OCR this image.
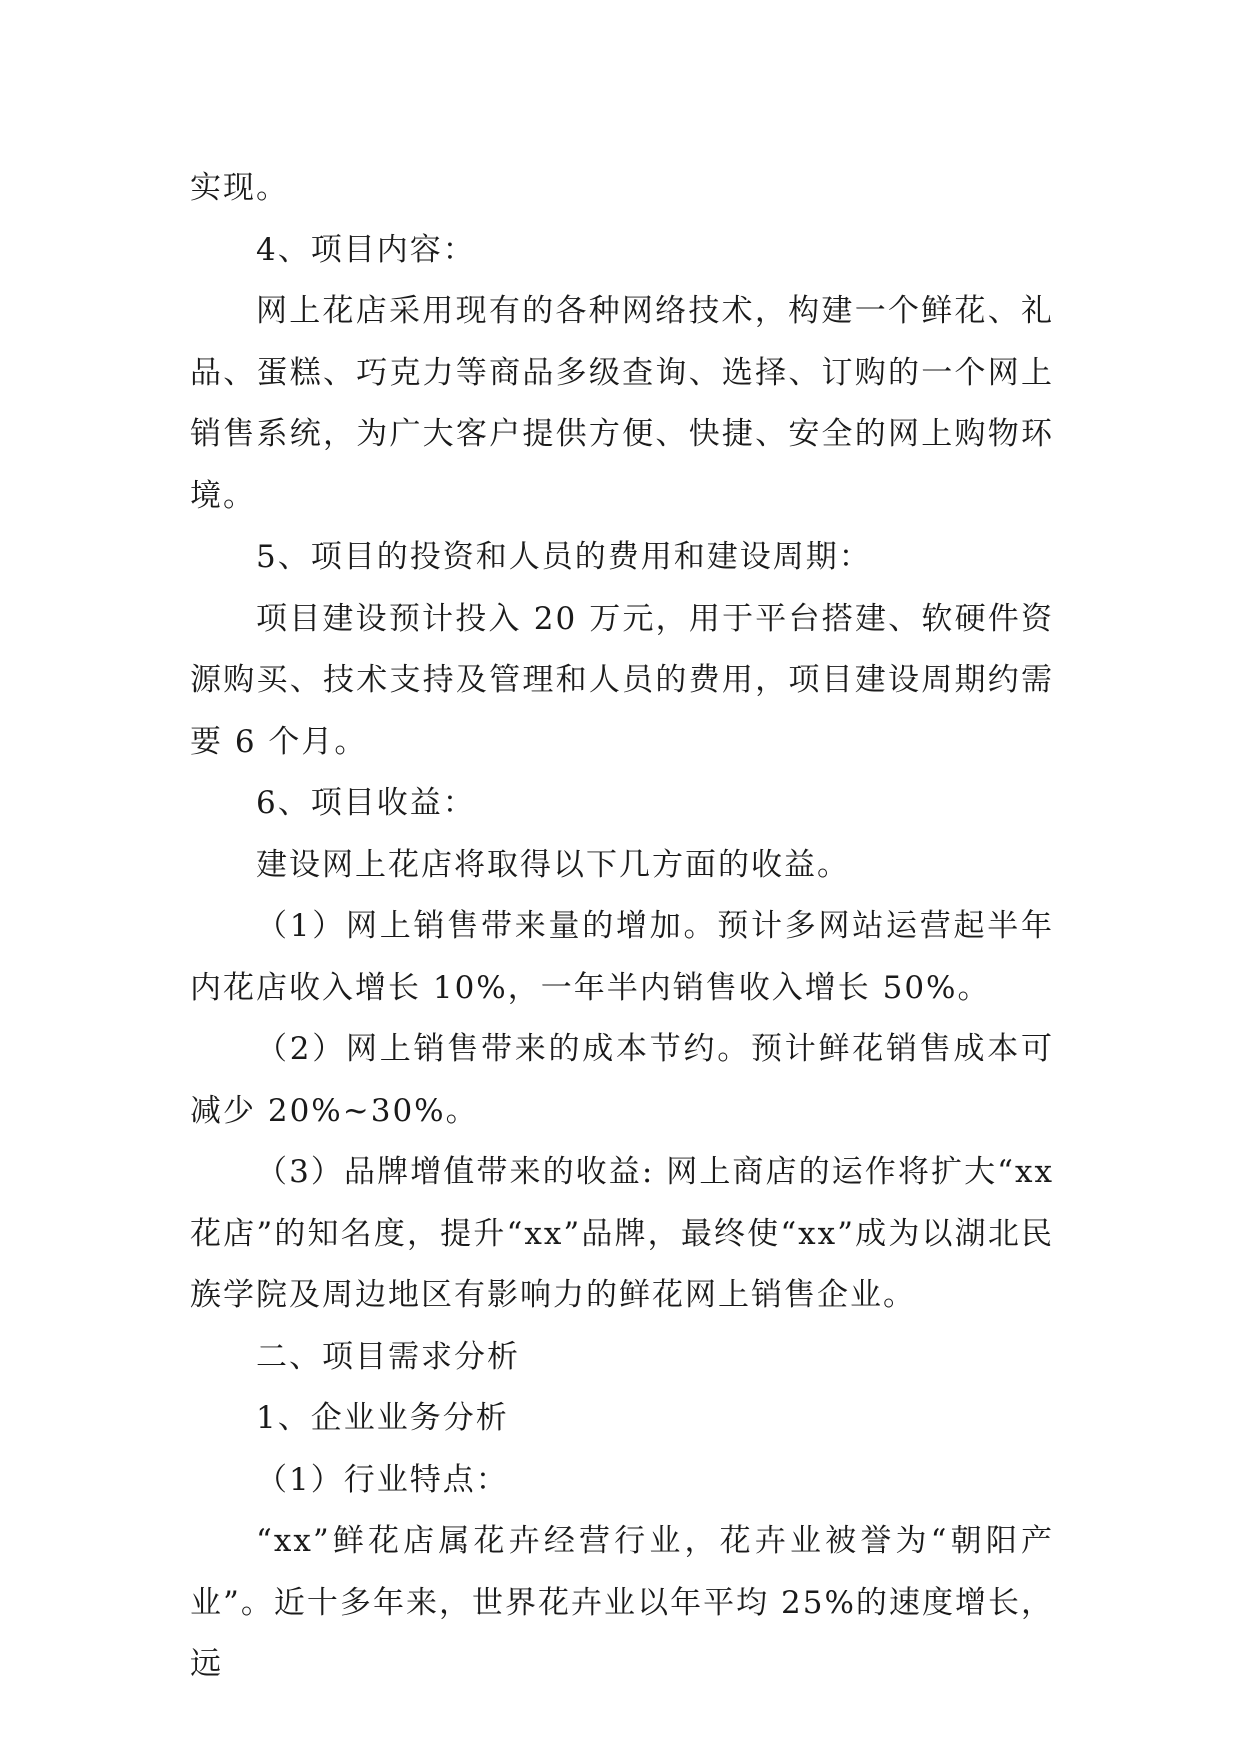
实现。

4、项目内容：

网上花店采用现有的各种网络技术，构建一个鲜花、礼品、蛋糕、巧克力等商品多级查询、选择、订购的一个网上销售系统，为广大客户提供方便、快捷、安全的网上购物环境。

5、项目的投资和人员的费用和建设周期：

项目建设预计投入 20 万元，用于平台搭建、软硬件资源购买、技术支持及管理和人员的费用，项目建设周期约需要 6 个月。

6、项目收益：

建设网上花店将取得以下几方面的收益。

（1）网上销售带来量的增加。预计多网站运营起半年内花店收入增长 10%，一年半内销售收入增长 50%。

（2）网上销售带来的成本节约。预计鲜花销售成本可减少 20%~30%。

（3）品牌增值带来的收益: 网上商店的运作将扩大“xx花店”的知名度，提升“xx”品牌，最终使“xx”成为以湖北民族学院及周边地区有影响力的鲜花网上销售企业。

二、项目需求分析

1、企业业务分析

（1）行业特点：

“xx”鲜花店属花卉经营行业，花卉业被誉为“朝阳产业”。近十多年来，世界花卉业以年平均 25%的速度增长，远
